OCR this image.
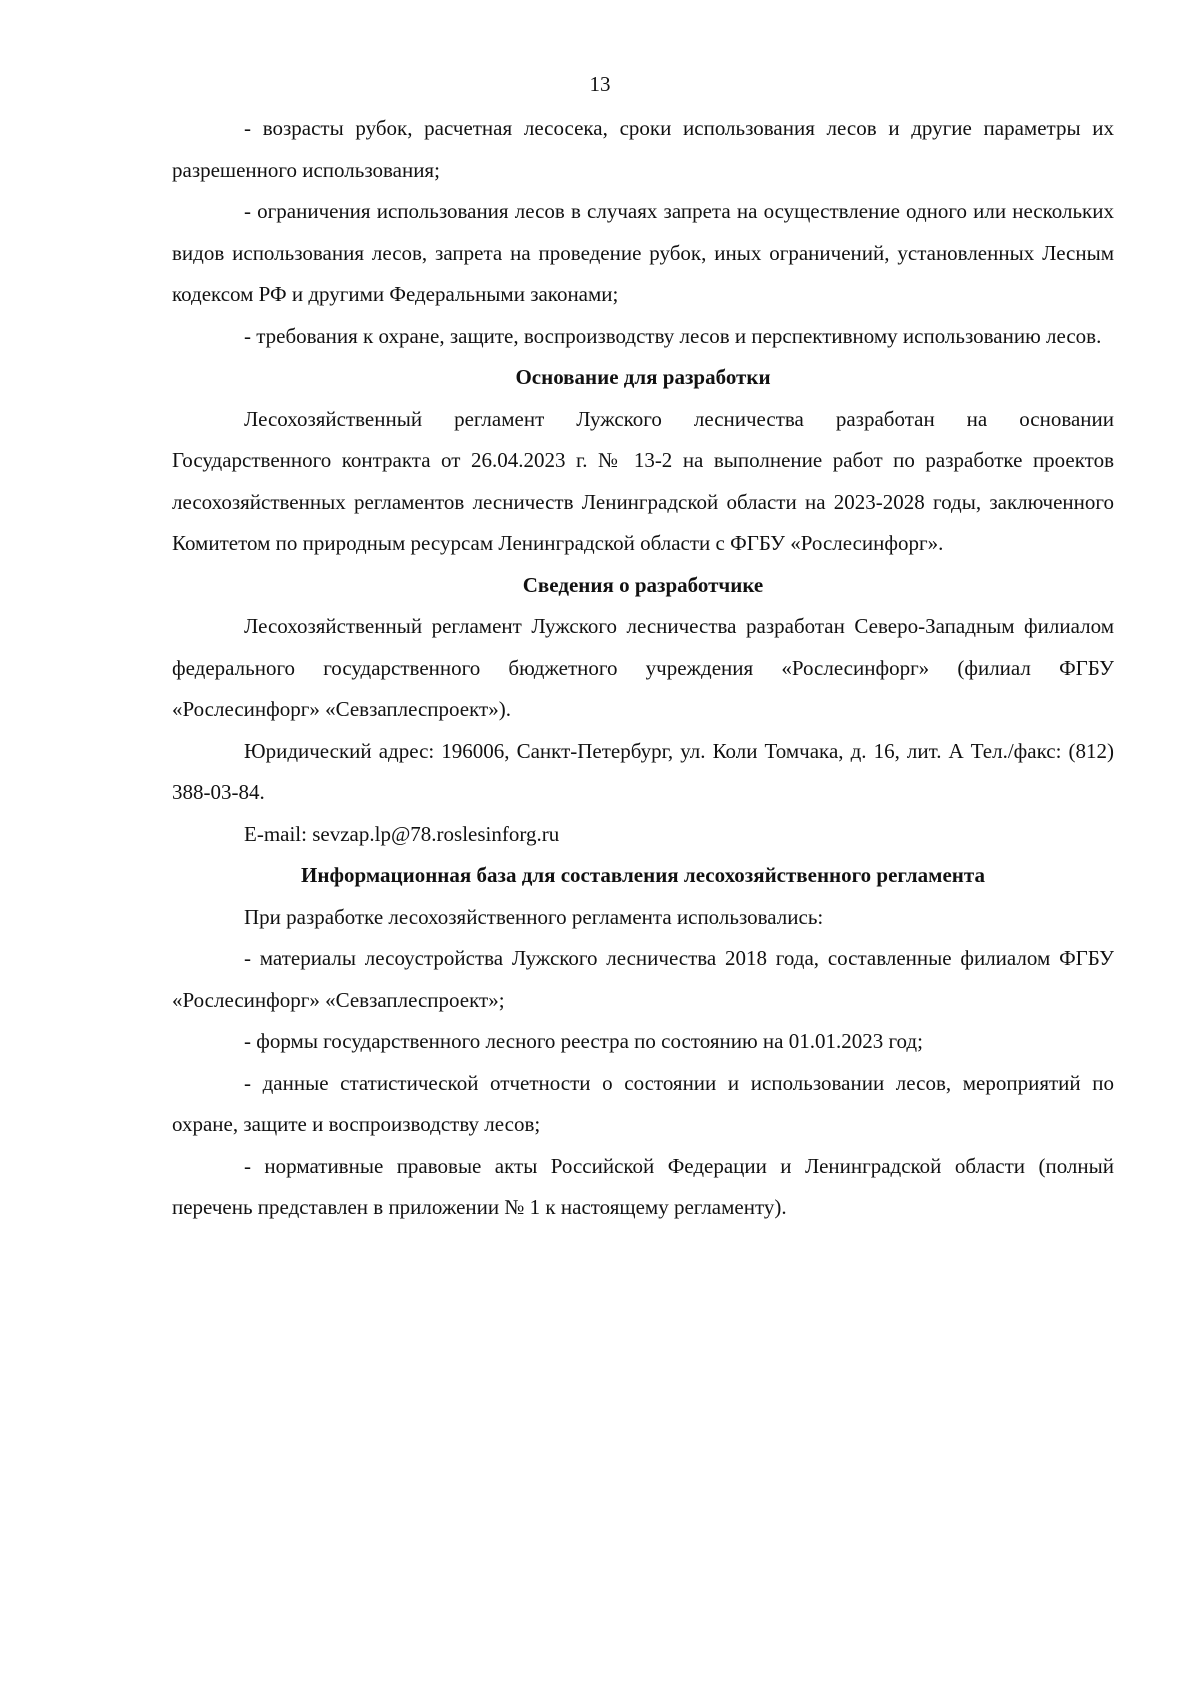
13

- возрасты рубок, расчетная лесосека, сроки использования лесов и другие параметры их разрешенного использования;

- ограничения использования лесов в случаях запрета на осуществление одного или нескольких видов использования лесов, запрета на проведение рубок, иных ограничений, установленных Лесным кодексом РФ и другими Федеральными законами;

- требования к охране, защите, воспроизводству лесов и перспективному использованию лесов.

Основание для разработки

Лесохозяйственный регламент Лужского лесничества разработан на основании Государственного контракта от 26.04.2023 г. № 13-2 на выполнение работ по разработке проектов лесохозяйственных регламентов лесничеств Ленинградской области на 2023-2028 годы, заключенного Комитетом по природным ресурсам Ленинградской области с ФГБУ «Рослесинфорг».

Сведения о разработчике

Лесохозяйственный регламент Лужского лесничества разработан Северо-Западным филиалом федерального государственного бюджетного учреждения «Рослесинфорг» (филиал ФГБУ «Рослесинфорг» «Севзаплеспроект»).

Юридический адрес: 196006, Санкт-Петербург, ул. Коли Томчака, д. 16, лит. А Тел./факс: (812) 388-03-84.

E-mail: sevzap.lp@78.roslesinforg.ru

Информационная база для составления лесохозяйственного регламента

При разработке лесохозяйственного регламента использовались:

- материалы лесоустройства Лужского лесничества 2018 года, составленные филиалом ФГБУ «Рослесинфорг» «Севзаплеспроект»;

- формы государственного лесного реестра по состоянию на 01.01.2023 год;

- данные статистической отчетности о состоянии и использовании лесов, мероприятий по охране, защите и воспроизводству лесов;

- нормативные правовые акты Российской Федерации и Ленинградской области (полный перечень представлен в приложении № 1 к настоящему регламенту).
